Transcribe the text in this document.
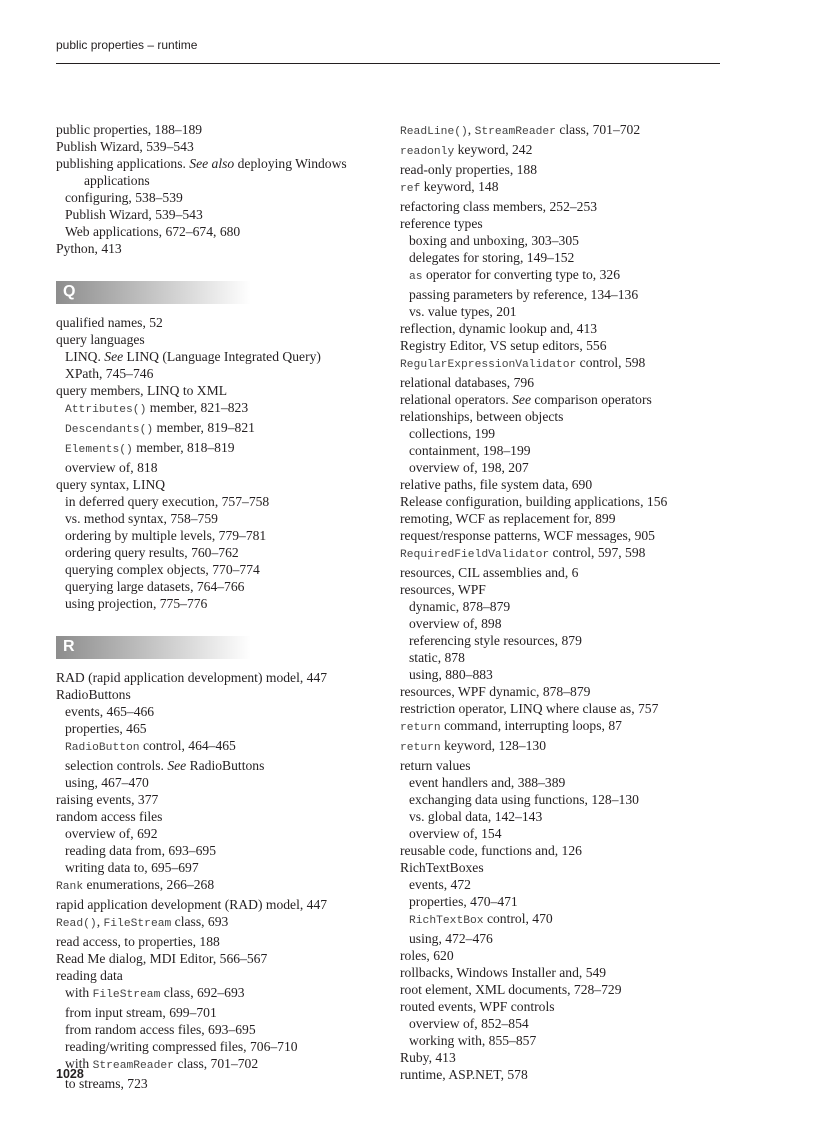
public properties – runtime
public properties, 188–189
Publish Wizard, 539–543
publishing applications. See also deploying Windows
applications
configuring, 538–539
Publish Wizard, 539–543
Web applications, 672–674, 680
Python, 413
Q
qualified names, 52
query languages
LINQ. See LINQ (Language Integrated Query)
XPath, 745–746
query members, LINQ to XML
Attributes() member, 821–823
Descendants() member, 819–821
Elements() member, 818–819
overview of, 818
query syntax, LINQ
in deferred query execution, 757–758
vs. method syntax, 758–759
ordering by multiple levels, 779–781
ordering query results, 760–762
querying complex objects, 770–774
querying large datasets, 764–766
using projection, 775–776
R
RAD (rapid application development) model, 447
RadioButtons
events, 465–466
properties, 465
RadioButton control, 464–465
selection controls. See RadioButtons
using, 467–470
raising events, 377
random access files
overview of, 692
reading data from, 693–695
writing data to, 695–697
Rank enumerations, 266–268
rapid application development (RAD) model, 447
Read(), FileStream class, 693
read access, to properties, 188
Read Me dialog, MDI Editor, 566–567
reading data
with FileStream class, 692–693
from input stream, 699–701
from random access files, 693–695
reading/writing compressed files, 706–710
with StreamReader class, 701–702
to streams, 723
ReadLine(), StreamReader class, 701–702
readonly keyword, 242
read-only properties, 188
ref keyword, 148
refactoring class members, 252–253
reference types
boxing and unboxing, 303–305
delegates for storing, 149–152
as operator for converting type to, 326
passing parameters by reference, 134–136
vs. value types, 201
reflection, dynamic lookup and, 413
Registry Editor, VS setup editors, 556
RegularExpressionValidator control, 598
relational databases, 796
relational operators. See comparison operators
relationships, between objects
collections, 199
containment, 198–199
overview of, 198, 207
relative paths, file system data, 690
Release configuration, building applications, 156
remoting, WCF as replacement for, 899
request/response patterns, WCF messages, 905
RequiredFieldValidator control, 597, 598
resources, CIL assemblies and, 6
resources, WPF
dynamic, 878–879
overview of, 898
referencing style resources, 879
static, 878
using, 880–883
resources, WPF dynamic, 878–879
restriction operator, LINQ where clause as, 757
return command, interrupting loops, 87
return keyword, 128–130
return values
event handlers and, 388–389
exchanging data using functions, 128–130
vs. global data, 142–143
overview of, 154
reusable code, functions and, 126
RichTextBoxes
events, 472
properties, 470–471
RichTextBox control, 470
using, 472–476
roles, 620
rollbacks, Windows Installer and, 549
root element, XML documents, 728–729
routed events, WPF controls
overview of, 852–854
working with, 855–857
Ruby, 413
runtime, ASP.NET, 578
1028
